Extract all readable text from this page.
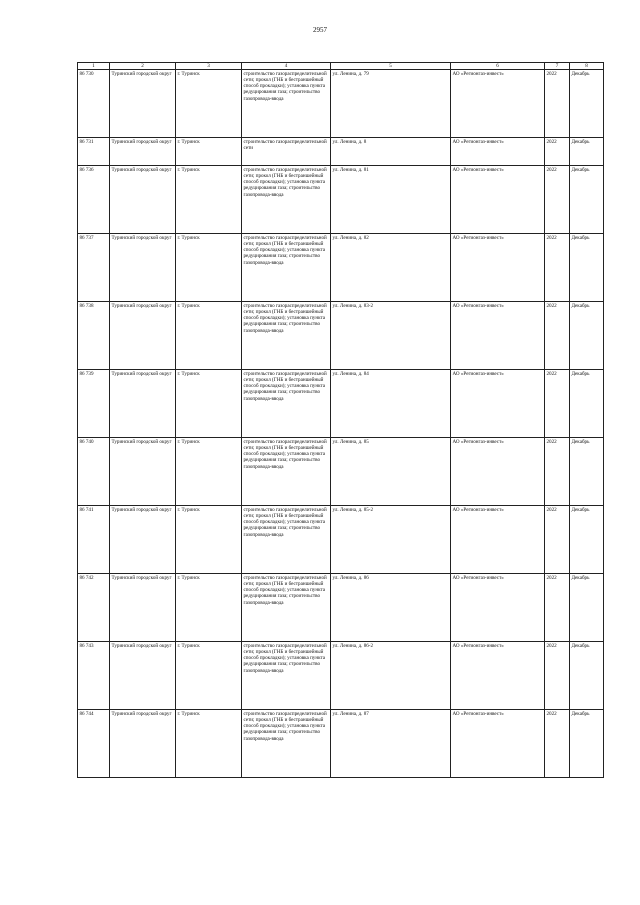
2957
1	2	3	4	5	6	7	8
86 730	Туринский городской округ	г. Туринск	строительство газораспределительной сети; прокол (ГНБ и бестраншейный способ прокладки); установка пункта редуцирования газа; строительство газопровода-ввода	ул. Ленина, д. 79	АО «Регионгаз-инвест»	2022	Декабрь
86 731	Туринский городской округ	г. Туринск	строительство газораспределительной сети	ул. Ленина, д. 8	АО «Регионгаз-инвест»	2022	Декабрь
86 736	Туринский городской округ	г. Туринск	строительство газораспределительной сети; прокол (ГНБ и бестраншейный способ прокладки); установка пункта редуцирования газа; строительство газопровода-ввода	ул. Ленина, д. 81	АО «Регионгаз-инвест»	2022	Декабрь
86 737	Туринский городской округ	г. Туринск	строительство газораспределительной сети; прокол (ГНБ и бестраншейный способ прокладки); установка пункта редуцирования газа; строительство газопровода-ввода	ул. Ленина, д. 82	АО «Регионгаз-инвест»	2022	Декабрь
86 738	Туринский городской округ	г. Туринск	строительство газораспределительной сети; прокол (ГНБ и бестраншейный способ прокладки); установка пункта редуцирования газа; строительство газопровода-ввода	ул. Ленина, д. 83-2	АО «Регионгаз-инвест»	2022	Декабрь
86 739	Туринский городской округ	г. Туринск	строительство газораспределительной сети; прокол (ГНБ и бестраншейный способ прокладки); установка пункта редуцирования газа; строительство газопровода-ввода	ул. Ленина, д. 84	АО «Регионгаз-инвест»	2022	Декабрь
86 740	Туринский городской округ	г. Туринск	строительство газораспределительной сети; прокол (ГНБ и бестраншейный способ прокладки); установка пункта редуцирования газа; строительство газопровода-ввода	ул. Ленина, д. 85	АО «Регионгаз-инвест»	2022	Декабрь
86 741	Туринский городской округ	г. Туринск	строительство газораспределительной сети; прокол (ГНБ и бестраншейный способ прокладки); установка пункта редуцирования газа; строительство газопровода-ввода	ул. Ленина, д. 85-2	АО «Регионгаз-инвест»	2022	Декабрь
86 742	Туринский городской округ	г. Туринск	строительство газораспределительной сети; прокол (ГНБ и бестраншейный способ прокладки); установка пункта редуцирования газа; строительство газопровода-ввода	ул. Ленина, д. 86	АО «Регионгаз-инвест»	2022	Декабрь
86 743	Туринский городской округ	г. Туринск	строительство газораспределительной сети; прокол (ГНБ и бестраншейный способ прокладки); установка пункта редуцирования газа; строительство газопровода-ввода	ул. Ленина, д. 86-2	АО «Регионгаз-инвест»	2022	Декабрь
86 744	Туринский городской округ	г. Туринск	строительство газораспределительной сети; прокол (ГНБ и бестраншейный способ прокладки); установка пункта редуцирования газа; строительство газопровода-ввода	ул. Ленина, д. 87	АО «Регионгаз-инвест»	2022	Декабрь
